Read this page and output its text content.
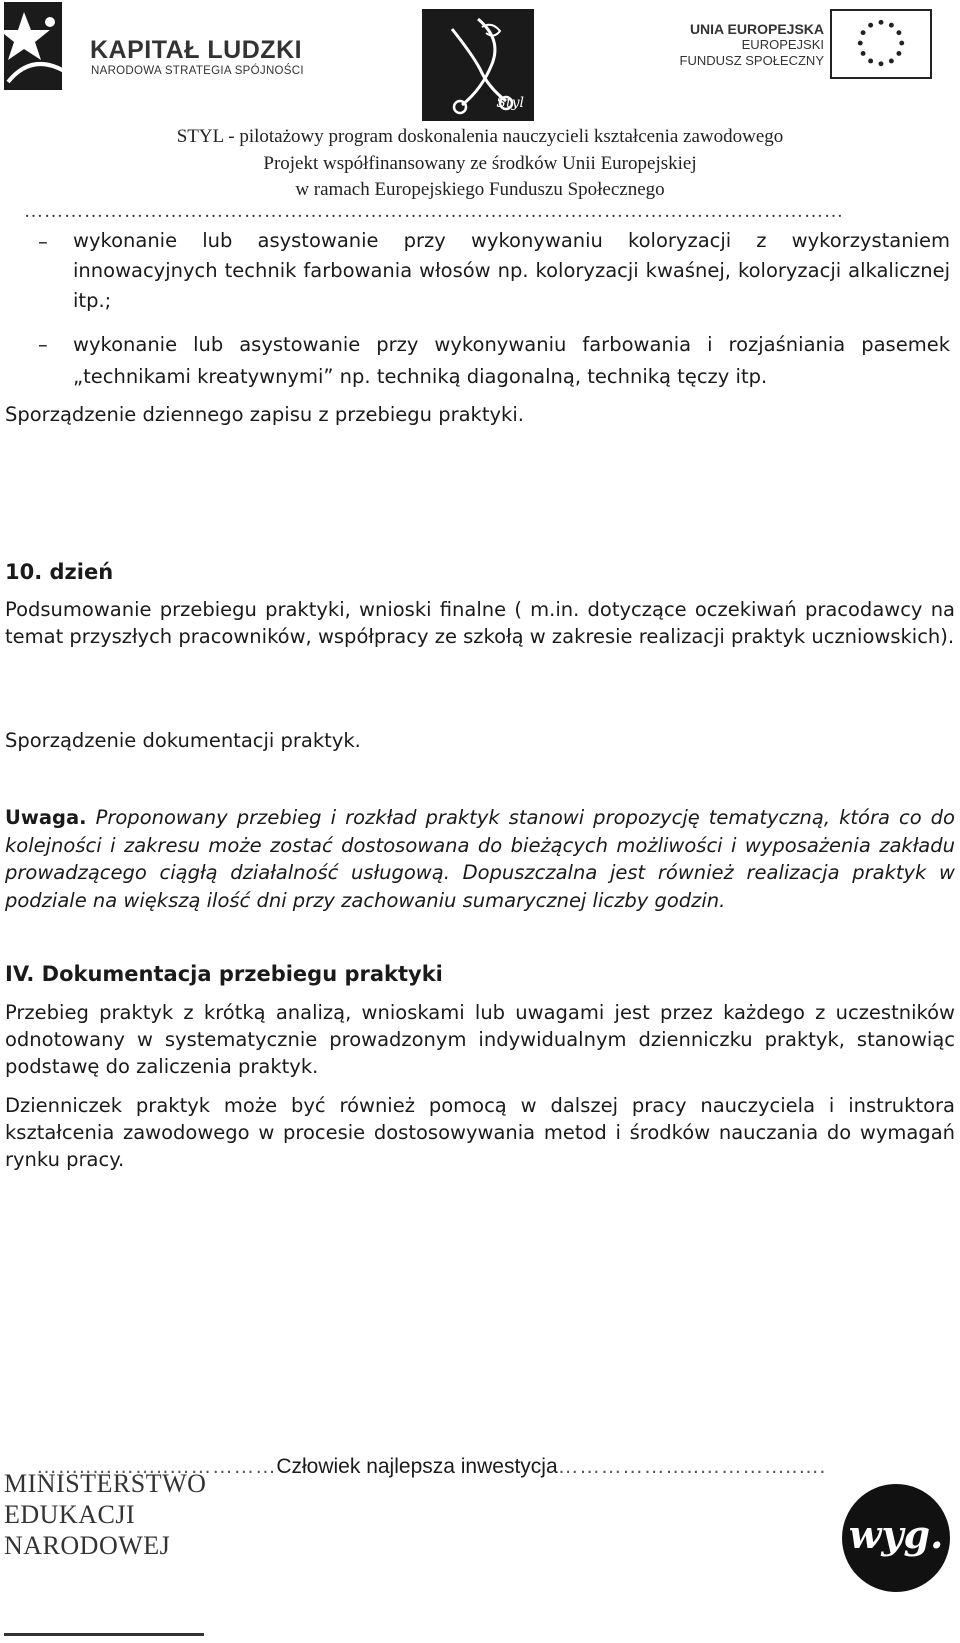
KAPITAŁ LUDZKI
NARODOWA STRATEGIA SPÓJNOŚCI
Styl
UNIA EUROPEJSKA
EUROPEJSKI
FUNDUSZ SPOŁECZNY
STYL - pilotażowy program doskonalenia nauczycieli kształcenia zawodowego
Projekt współfinansowany ze środków Unii Europejskiej
w ramach Europejskiego Funduszu Społecznego
……………………………………………………………………………………………………………
–	wykonanie lub asystowanie przy wykonywaniu koloryzacji z wykorzystaniem innowacyjnych technik farbowania włosów np. koloryzacji kwaśnej, koloryzacji alkalicznej itp.;
–	wykonanie lub asystowanie przy wykonywaniu farbowania i rozjaśniania pasemek „technikami kreatywnymi” np. techniką diagonalną, techniką tęczy itp.

Sporządzenie dziennego zapisu z przebiegu praktyki.

10. dzień

Podsumowanie przebiegu praktyki, wnioski finalne ( m.in. dotyczące oczekiwań pracodawcy na temat przyszłych pracowników, współpracy ze szkołą w zakresie realizacji praktyk uczniowskich).

Sporządzenie dokumentacji praktyk.

Uwaga. Proponowany przebieg i rozkład praktyk stanowi propozycję tematyczną, która co do kolejności i zakresu może zostać dostosowana do bieżących możliwości i wyposażenia zakładu prowadzącego ciągłą działalność usługową. Dopuszczalna jest również realizacja praktyk w podziale na większą ilość dni przy zachowaniu sumarycznej liczby godzin.
IV. Dokumentacja przebiegu praktyki

Przebieg praktyk z krótką analizą, wnioskami lub uwagami jest przez każdego z uczestników odnotowany w systematycznie prowadzonym indywidualnym dzienniczku praktyk, stanowiąc podstawę do zaliczenia praktyk.

Dzienniczek praktyk może być również pomocą w dalszej pracy nauczyciela i instruktora kształcenia zawodowego w procesie dostosowywania metod i środków nauczania do wymagań rynku pracy.

……..………..……………Człowiek najlepsza inwestycja………………..…………..….
MINISTERSTWO
EDUKACJI
NARODOWEJ	wyg.
